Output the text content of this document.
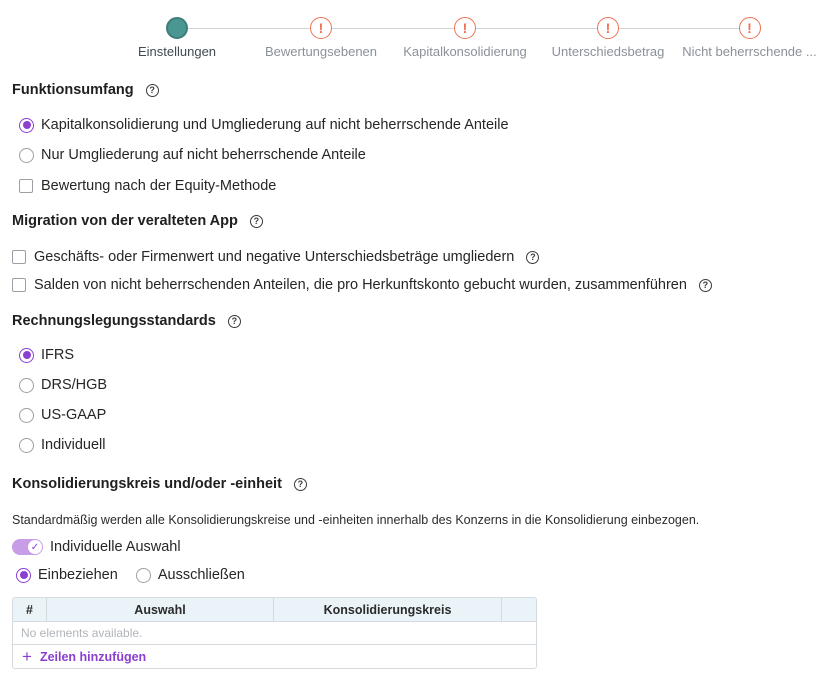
Einstellungen
!
Bewertungsebenen
!
Kapitalkonsolidierung
!
Unterschiedsbetrag
!
Nicht beherrschende ...
Funktionsumfang	?
Kapitalkonsolidierung und Umgliederung auf nicht beherrschende Anteile
Nur Umgliederung auf nicht beherrschende Anteile
Bewertung nach der Equity-Methode
Migration von der veralteten App	?
Geschäfts- oder Firmenwert und negative Unterschiedsbeträge umgliedern	?
Salden von nicht beherrschenden Anteilen, die pro Herkunftskonto gebucht wurden, zusammenführen	?
Rechnungslegungsstandards	?
IFRS
DRS/HGB
US-GAAP
Individuell
Konsolidierungskreis und/oder -einheit	?
Standardmäßig werden alle Konsolidierungskreise und -einheiten innerhalb des Konzerns in die Konsolidierung einbezogen.
✓ Individuelle Auswahl
Einbeziehen	Ausschließen
#	Auswahl	Konsolidierungskreis
No elements available.
+ Zeilen hinzufügen
